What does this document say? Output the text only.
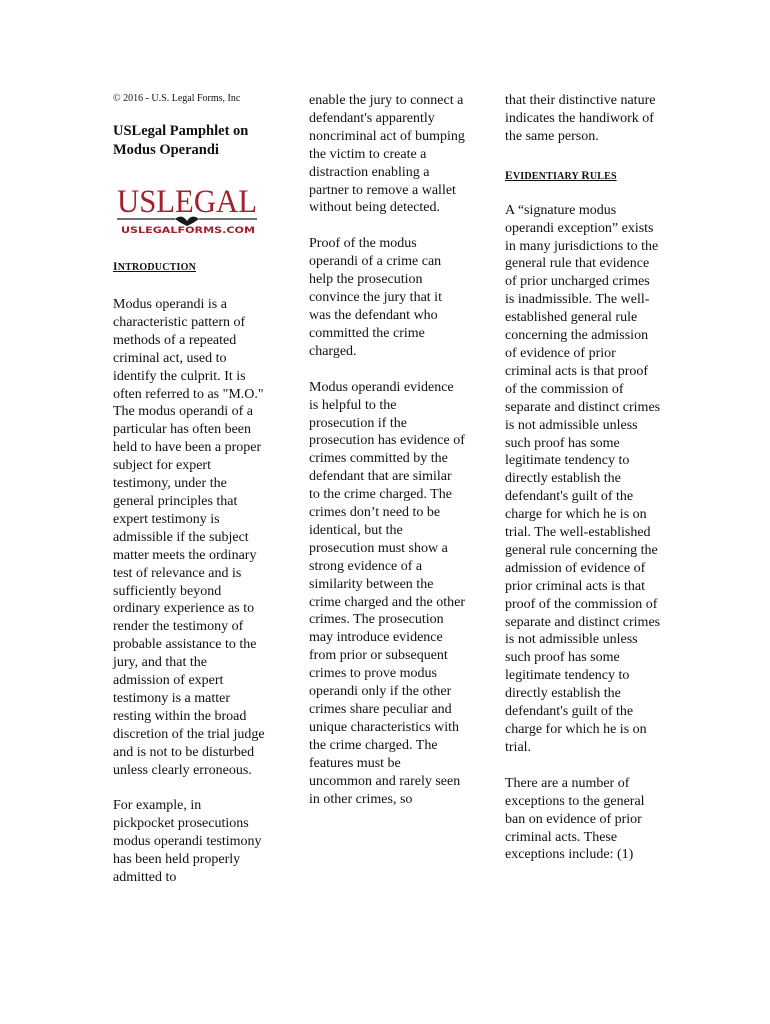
© 2016 - U.S. Legal Forms, Inc

USLegal Pamphlet on Modus Operandi
USLEGAL
USLEGALFORMS.COM
INTRODUCTION

Modus operandi is a characteristic pattern of methods of a repeated criminal act, used to identify the culprit. It is often referred to as "M.O." The modus operandi of a particular has often been held to have been a proper subject for expert testimony, under the general principles that expert testimony is admissible if the subject matter meets the ordinary test of relevance and is sufficiently beyond ordinary experience as to render the testimony of probable assistance to the jury, and that the admission of expert testimony is a matter resting within the broad discretion of the trial judge and is not to be disturbed unless clearly erroneous.

For example, in pickpocket prosecutions modus operandi testimony has been held properly admitted to

enable the jury to connect a defendant's apparently noncriminal act of bumping the victim to create a distraction enabling a partner to remove a wallet without being detected.

Proof of the modus operandi of a crime can help the prosecution convince the jury that it was the defendant who committed the crime charged.

Modus operandi evidence is helpful to the prosecution if the prosecution has evidence of crimes committed by the defendant that are similar to the crime charged. The crimes don’t need to be identical, but the prosecution must show a strong evidence of a similarity between the crime charged and the other crimes. The prosecution may introduce evidence from prior or subsequent crimes to prove modus operandi only if the other crimes share peculiar and unique characteristics with the crime charged. The features must be uncommon and rarely seen in other crimes, so

that their distinctive nature indicates the handiwork of the same person.

EVIDENTIARY RULES

A “signature modus operandi exception” exists in many jurisdictions to the general rule that evidence of prior uncharged crimes is inadmissible. The well-established general rule concerning the admission of evidence of prior criminal acts is that proof of the commission of separate and distinct crimes is not admissible unless such proof has some legitimate tendency to directly establish the defendant's guilt of the charge for which he is on trial. The well-established general rule concerning the admission of evidence of prior criminal acts is that proof of the commission of separate and distinct crimes is not admissible unless such proof has some legitimate tendency to directly establish the defendant's guilt of the charge for which he is on trial.

There are a number of exceptions to the general ban on evidence of prior criminal acts. These exceptions include: (1)
